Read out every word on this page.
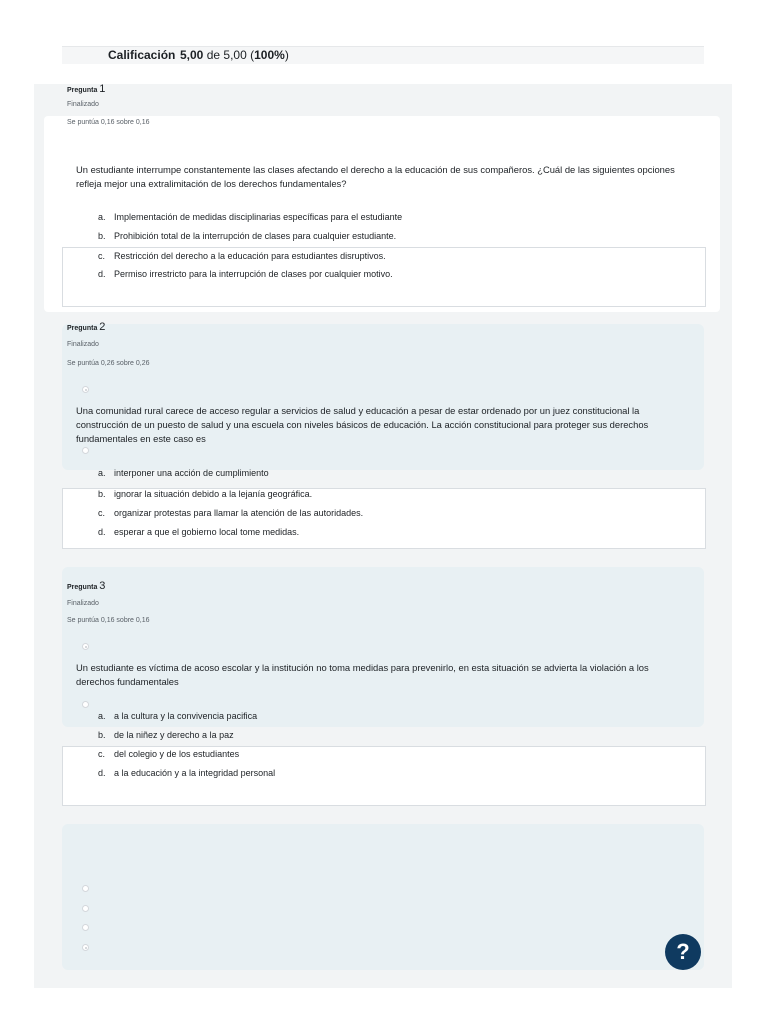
Calificación 5,00 de 5,00 (100%)
Pregunta 1
Finalizado
Se puntúa 0,16 sobre 0,16
Un estudiante interrumpe constantemente las clases afectando el derecho a la educación de sus compañeros. ¿Cuál de las siguientes opciones refleja mejor una extralimitación de los derechos fundamentales?
a. Implementación de medidas disciplinarias específicas para el estudiante
b. Prohibición total de la interrupción de clases para cualquier estudiante.
c. Restricción del derecho a la educación para estudiantes disruptivos.
d. Permiso irrestricto para la interrupción de clases por cualquier motivo.
Pregunta 2
Finalizado
Se puntúa 0,26 sobre 0,26
Una comunidad rural carece de acceso regular a servicios de salud y educación a pesar de estar ordenado por un juez constitucional la construcción de un puesto de salud y una escuela con niveles básicos de educación. La acción constitucional para proteger sus derechos fundamentales en este caso es
a. interponer una acción de cumplimiento
b. ignorar la situación debido a la lejanía geográfica.
c. organizar protestas para llamar la atención de las autoridades.
d. esperar a que el gobierno local tome medidas.
Pregunta 3
Finalizado
Se puntúa 0,16 sobre 0,16
Un estudiante es víctima de acoso escolar y la institución no toma medidas para prevenirlo, en esta situación se advierta la violación a los derechos fundamentales
a. a la cultura y la convivencia pacifica
b. de la niñez y derecho a la paz
c. del colegio y de los estudiantes
d. a la educación y a la integridad personal
?
